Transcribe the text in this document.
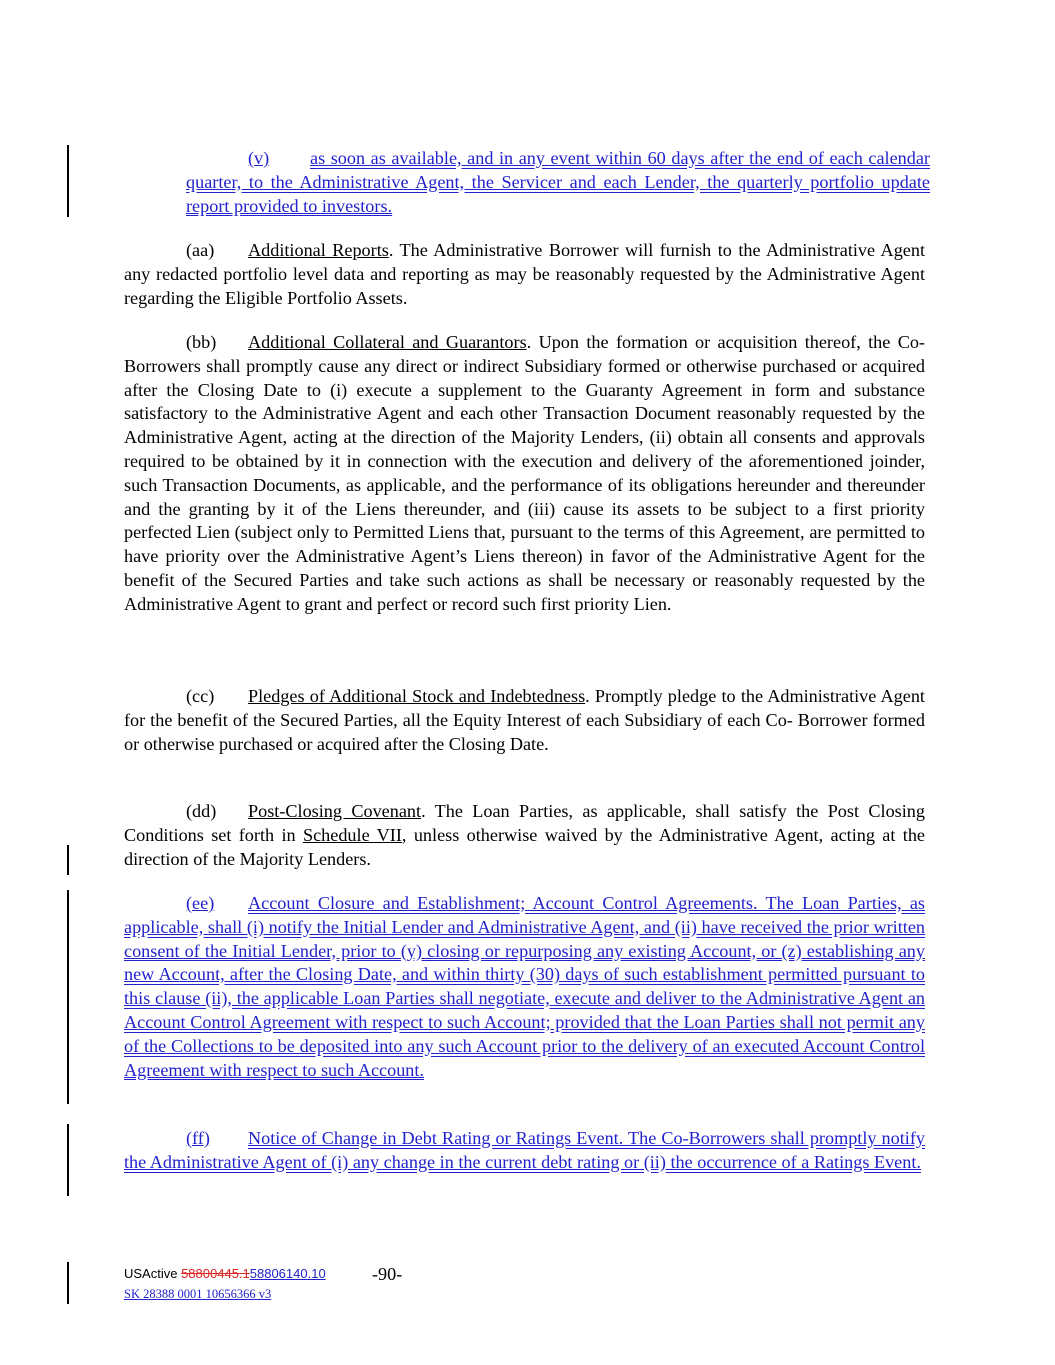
(v) as soon as available, and in any event within 60 days after the end of each calendar quarter, to the Administrative Agent, the Servicer and each Lender, the quarterly portfolio update report provided to investors.
(aa) Additional Reports. The Administrative Borrower will furnish to the Administrative Agent any redacted portfolio level data and reporting as may be reasonably requested by the Administrative Agent regarding the Eligible Portfolio Assets.
(bb) Additional Collateral and Guarantors. Upon the formation or acquisition thereof, the Co- Borrowers shall promptly cause any direct or indirect Subsidiary formed or otherwise purchased or acquired after the Closing Date to (i) execute a supplement to the Guaranty Agreement in form and substance satisfactory to the Administrative Agent and each other Transaction Document reasonably requested by the Administrative Agent, acting at the direction of the Majority Lenders, (ii) obtain all consents and approvals required to be obtained by it in connection with the execution and delivery of the aforementioned joinder, such Transaction Documents, as applicable, and the performance of its obligations hereunder and thereunder and the granting by it of the Liens thereunder, and (iii) cause its assets to be subject to a first priority perfected Lien (subject only to Permitted Liens that, pursuant to the terms of this Agreement, are permitted to have priority over the Administrative Agent’s Liens thereon) in favor of the Administrative Agent for the benefit of the Secured Parties and take such actions as shall be necessary or reasonably requested by the Administrative Agent to grant and perfect or record such first priority Lien.
(cc) Pledges of Additional Stock and Indebtedness. Promptly pledge to the Administrative Agent for the benefit of the Secured Parties, all the Equity Interest of each Subsidiary of each Co- Borrower formed or otherwise purchased or acquired after the Closing Date.
(dd) Post-Closing Covenant. The Loan Parties, as applicable, shall satisfy the Post Closing Conditions set forth in Schedule VII, unless otherwise waived by the Administrative Agent, acting at the direction of the Majority Lenders.
(ee) Account Closure and Establishment; Account Control Agreements. The Loan Parties, as applicable, shall (i) notify the Initial Lender and Administrative Agent, and (ii) have received the prior written consent of the Initial Lender, prior to (y) closing or repurposing any existing Account, or (z) establishing any new Account, after the Closing Date, and within thirty (30) days of such establishment permitted pursuant to this clause (ii), the applicable Loan Parties shall negotiate, execute and deliver to the Administrative Agent an Account Control Agreement with respect to such Account; provided that the Loan Parties shall not permit any of the Collections to be deposited into any such Account prior to the delivery of an executed Account Control Agreement with respect to such Account.
(ff) Notice of Change in Debt Rating or Ratings Event. The Co-Borrowers shall promptly notify the Administrative Agent of (i) any change in the current debt rating or (ii) the occurrence of a Ratings Event.
USActive 58800445.158806140.10	-90-
SK 28388 0001 10656366 v3
